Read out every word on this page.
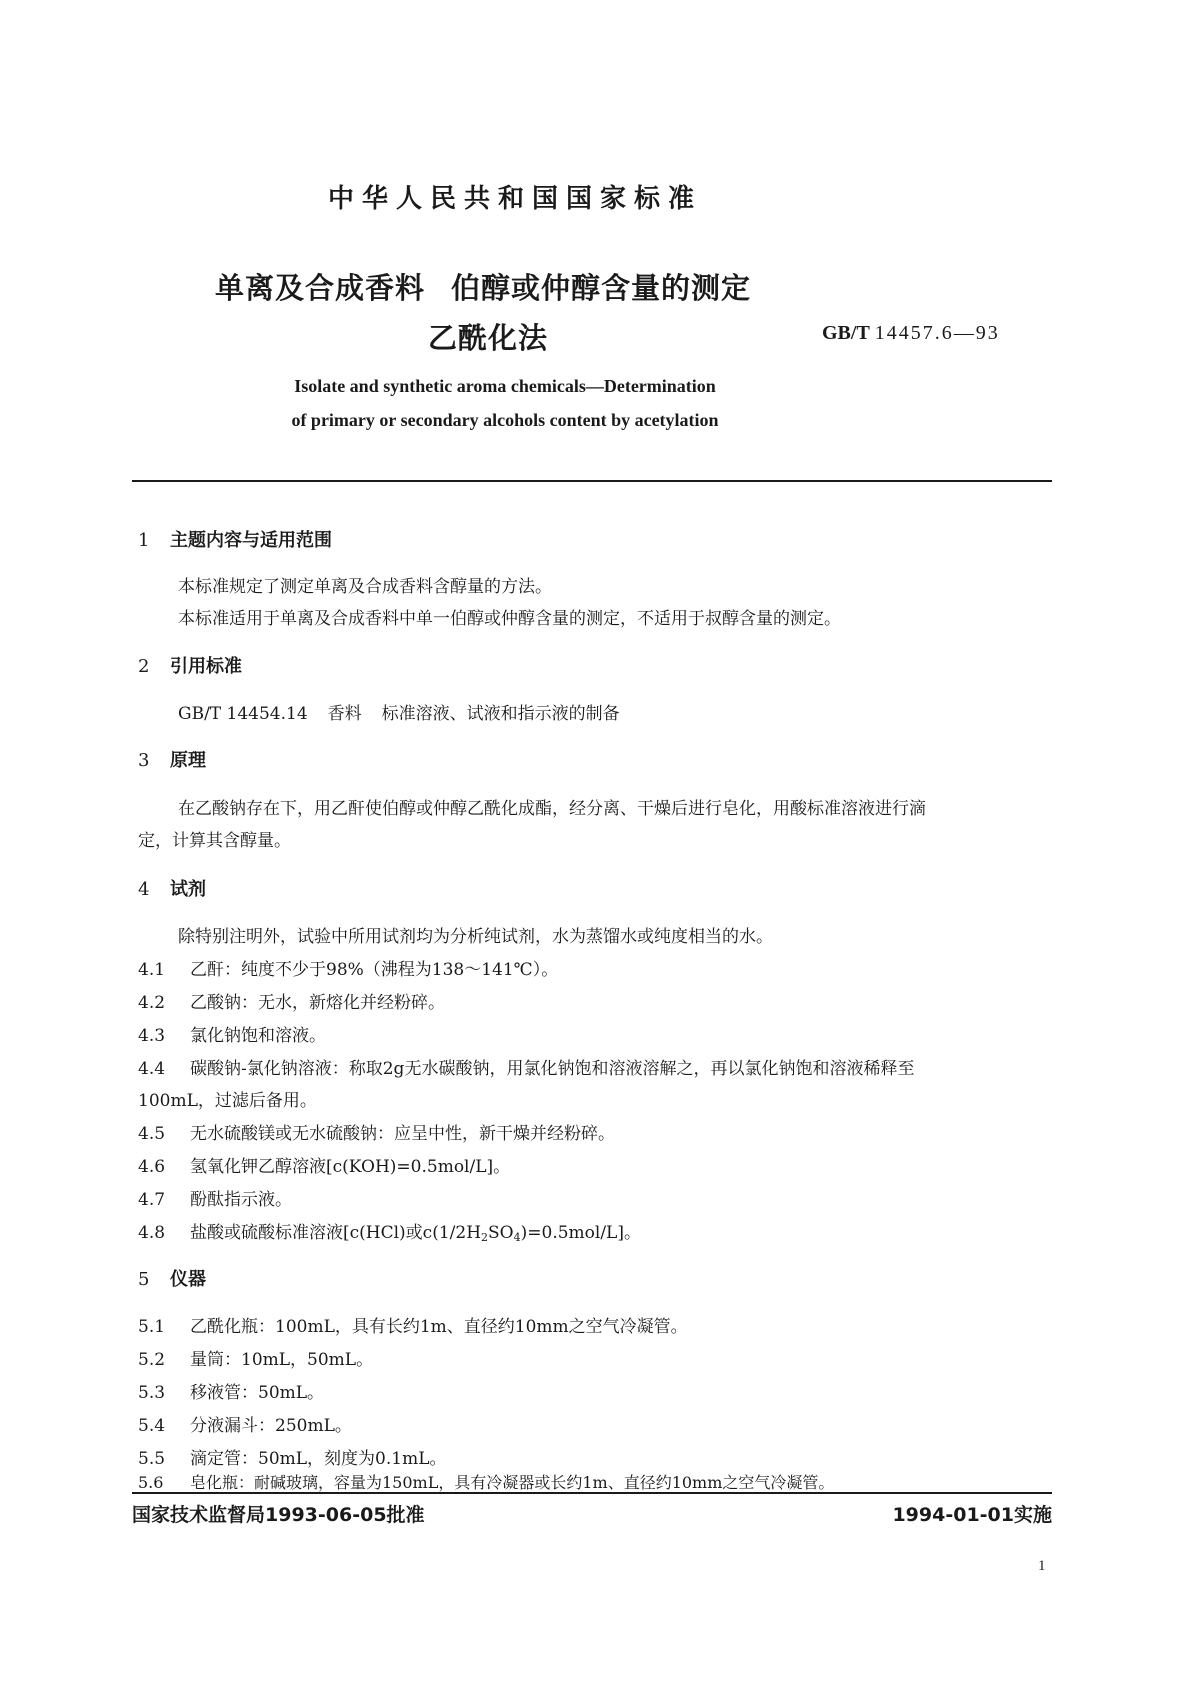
中华人民共和国国家标准
单离及合成香料 伯醇或仲醇含量的测定
乙酰化法	GB/T 14457.6—93
Isolate and synthetic aroma chemicals—Determination
of primary or secondary alcohols content by acetylation
1 主题内容与适用范围
本标准规定了测定单离及合成香料含醇量的方法。
本标准适用于单离及合成香料中单一伯醇或仲醇含量的测定，不适用于叔醇含量的测定。
2 引用标准
GB/T 14454.14 香料 标准溶液、试液和指示液的制备
3 原理
在乙酸钠存在下，用乙酐使伯醇或仲醇乙酰化成酯，经分离、干燥后进行皂化，用酸标准溶液进行滴
定，计算其含醇量。
4 试剂
除特别注明外，试验中所用试剂均为分析纯试剂，水为蒸馏水或纯度相当的水。
4.1 乙酐：纯度不少于98%（沸程为138～141℃）。
4.2 乙酸钠：无水，新熔化并经粉碎。
4.3 氯化钠饱和溶液。
4.4 碳酸钠-氯化钠溶液：称取2g无水碳酸钠，用氯化钠饱和溶液溶解之，再以氯化钠饱和溶液稀释至
100mL，过滤后备用。
4.5 无水硫酸镁或无水硫酸钠：应呈中性，新干燥并经粉碎。
4.6 氢氧化钾乙醇溶液[c(KOH)=0.5mol/L]。
4.7 酚酞指示液。
4.8 盐酸或硫酸标准溶液[c(HCl)或$c(1/2H_2SO_4)=0.5mol/L$]。
5 仪器
5.1 乙酰化瓶：100mL，具有长约1m、直径约10mm之空气冷凝管。
5.2 量筒：10mL，50mL。
5.3 移液管：50mL。
5.4 分液漏斗：250mL。
5.5 滴定管：50mL，刻度为0.1mL。
5.6 皂化瓶：耐碱玻璃，容量为150mL，具有冷凝器或长约1m、直径约10mm之空气冷凝管。
国家技术监督局1993-06-05批准	1994-01-01实施
1
